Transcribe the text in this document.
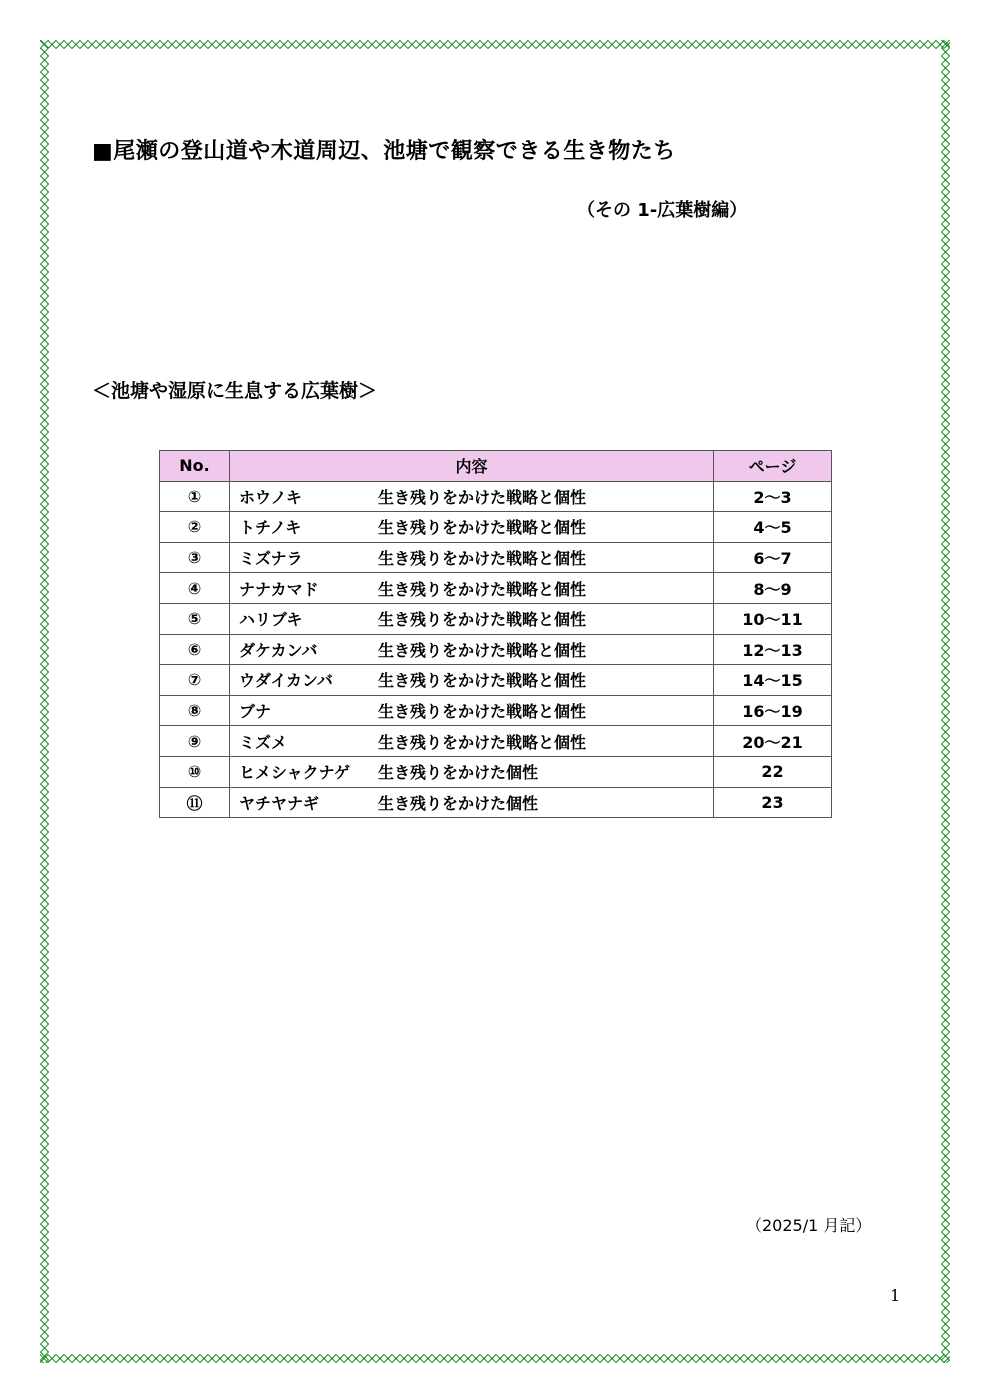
■尾瀬の登山道や木道周辺、池塘で観察できる生き物たち
（その 1-広葉樹編）
＜池塘や湿原に生息する広葉樹＞
No.	内容	ページ
①	ホウノキ 生き残りをかけた戦略と個性	2～3
②	トチノキ 生き残りをかけた戦略と個性	4～5
③	ミズナラ 生き残りをかけた戦略と個性	6～7
④	ナナカマド 生き残りをかけた戦略と個性	8～9
⑤	ハリブキ 生き残りをかけた戦略と個性	10～11
⑥	ダケカンバ 生き残りをかけた戦略と個性	12～13
⑦	ウダイカンバ 生き残りをかけた戦略と個性	14～15
⑧	ブナ 生き残りをかけた戦略と個性	16～19
⑨	ミズメ 生き残りをかけた戦略と個性	20～21
⑩	ヒメシャクナゲ 生き残りをかけた個性	22
⑪	ヤチヤナギ 生き残りをかけた個性	23
（2025/1 月記）
1
